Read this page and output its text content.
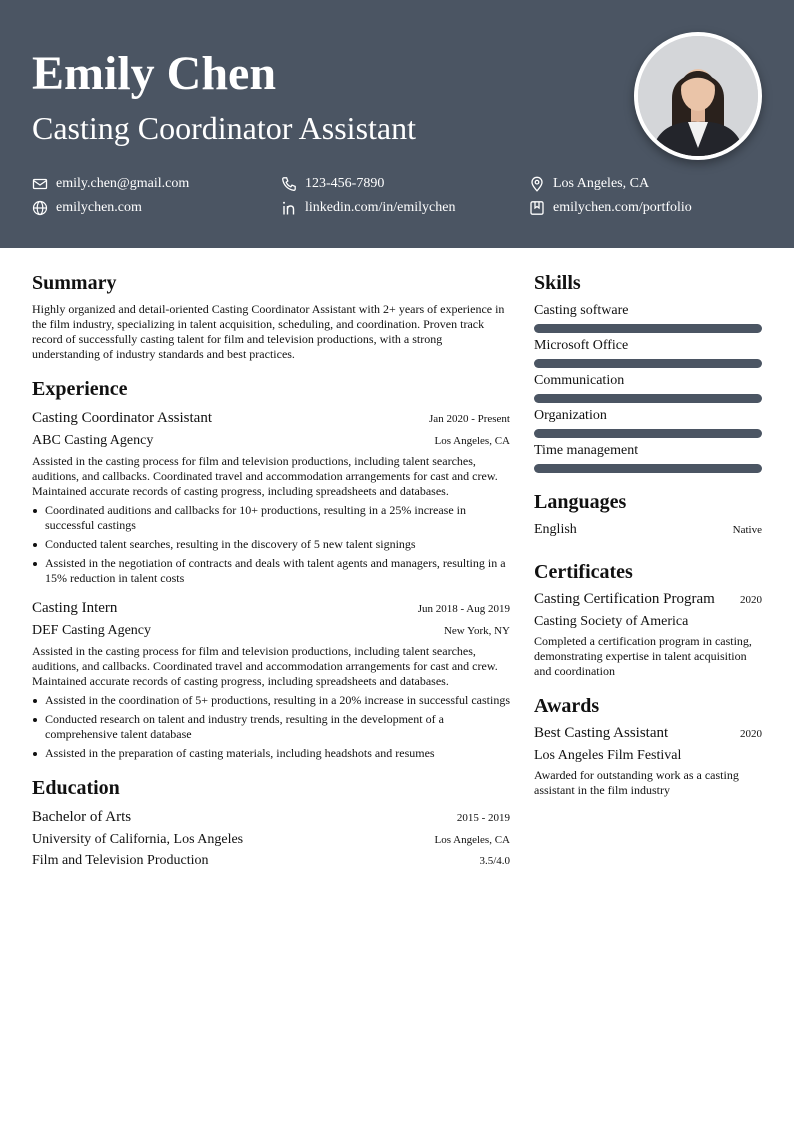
Emily Chen
Casting Coordinator Assistant
emily.chen@gmail.com	123-456-7890	Los Angeles, CA
emilychen.com	linkedin.com/in/emilychen	emilychen.com/portfolio
Summary

Highly organized and detail-oriented Casting Coordinator Assistant with 2+ years of experience in the film industry, specializing in talent acquisition, scheduling, and coordination. Proven track record of successfully casting talent for film and television productions, with a strong understanding of industry standards and best practices.

Experience
Casting Coordinator Assistant	Jan 2020 - Present
ABC Casting Agency	Los Angeles, CA

Assisted in the casting process for film and television productions, including talent searches, auditions, and callbacks. Coordinated travel and accommodation arrangements for cast and crew. Maintained accurate records of casting progress, including spreadsheets and databases.

Coordinated auditions and callbacks for 10+ productions, resulting in a 25% increase in successful castings
Conducted talent searches, resulting in the discovery of 5 new talent signings
Assisted in the negotiation of contracts and deals with talent agents and managers, resulting in a 15% reduction in talent costs
Casting Intern	Jun 2018 - Aug 2019
DEF Casting Agency	New York, NY

Assisted in the casting process for film and television productions, including talent searches, auditions, and callbacks. Coordinated travel and accommodation arrangements for cast and crew. Maintained accurate records of casting progress, including spreadsheets and databases.

Assisted in the coordination of 5+ productions, resulting in a 20% increase in successful castings
Conducted research on talent and industry trends, resulting in the development of a comprehensive talent database
Assisted in the preparation of casting materials, including headshots and resumes
Education
Bachelor of Arts	2015 - 2019
University of California, Los Angeles	Los Angeles, CA
Film and Television Production	3.5/4.0
Skills
Casting software
Microsoft Office
Communication
Organization
Time management
Languages
English	Native
Certificates
Casting Certification Program 2020
Casting Society of America

Completed a certification program in casting, demonstrating expertise in talent acquisition and coordination

Awards
Best Casting Assistant	2020
Los Angeles Film Festival

Awarded for outstanding work as a casting assistant in the film industry
